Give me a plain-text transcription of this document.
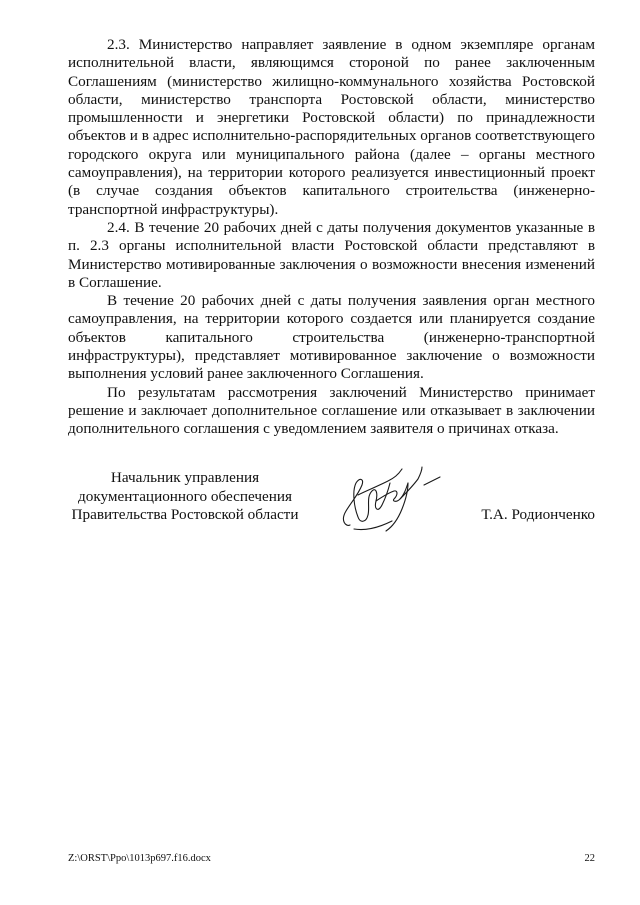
2.3. Министерство направляет заявление в одном экземпляре органам исполнительной власти, являющимся стороной по ранее заключенным Соглашениям (министерство жилищно-коммунального хозяйства Ростовской области, министерство транспорта Ростовской области, министерство промышленности и энергетики Ростовской области) по принадлежности объектов и в адрес исполнительно-распорядительных органов соответствующего городского округа или муниципального района (далее – органы местного самоуправления), на территории которого реализуется инвестиционный проект (в случае создания объектов капитального строительства (инженерно-транспортной инфраструктуры).

2.4. В течение 20 рабочих дней с даты получения документов указанные в п. 2.3 органы исполнительной власти Ростовской области представляют в Министерство мотивированные заключения о возможности внесения изменений в Соглашение.

В течение 20 рабочих дней с даты получения заявления орган местного самоуправления, на территории которого создается или планируется создание объектов капитального строительства (инженерно-транспортной инфраструктуры), представляет мотивированное заключение о возможности выполнения условий ранее заключенного Соглашения.

По результатам рассмотрения заключений Министерство принимает решение и заключает дополнительное соглашение или отказывает в заключении дополнительного соглашения с уведомлением заявителя о причинах отказа.

Начальник управления
документационного обеспечения
Правительства Ростовской области	Т.А. Родионченко
Z:\ORST\Ppo\1013p697.f16.docx	22
